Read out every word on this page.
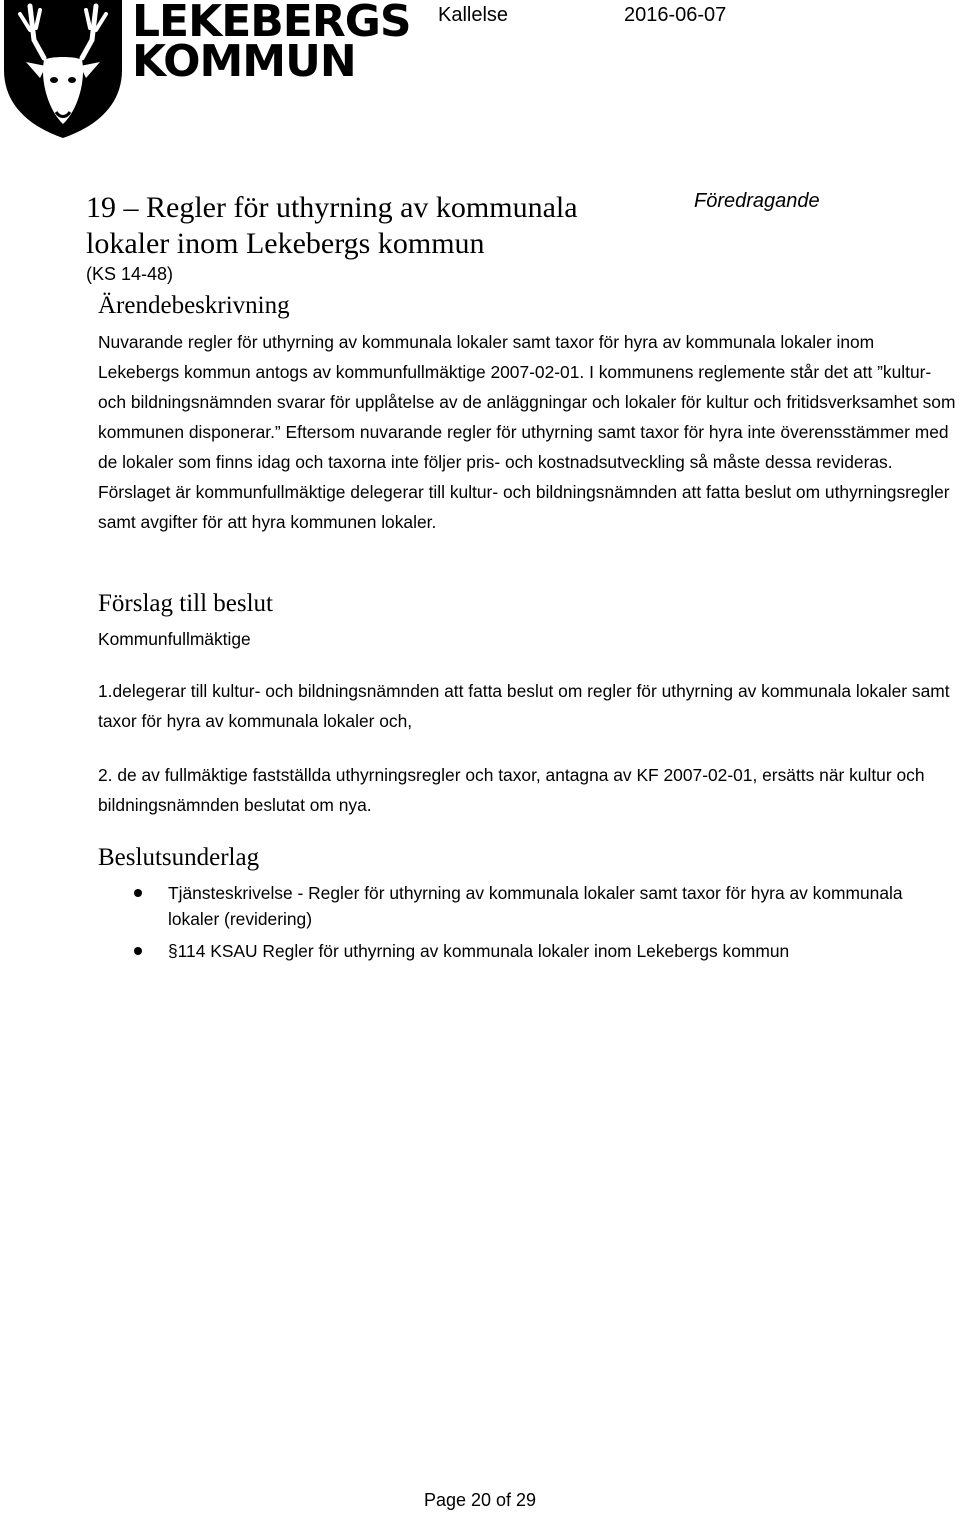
LEKEBERGS
KOMMUN
Kallelse	2016-06-07
19 – Regler för uthyrning av kommunala lokaler inom Lekebergs kommun
(KS 14-48)
Föredragande
Ärendebeskrivning
Nuvarande regler för uthyrning av kommunala lokaler samt taxor för hyra av kommunala lokaler inom Lekebergs kommun antogs av kommunfullmäktige 2007-02-01. I kommunens reglemente står det att ”kultur- och bildningsnämnden svarar för upplåtelse av de anläggningar och lokaler för kultur och fritidsverksamhet som kommunen disponerar.” Eftersom nuvarande regler för uthyrning samt taxor för hyra inte överensstämmer med de lokaler som finns idag och taxorna inte följer pris- och kostnadsutveckling så måste dessa revideras. Förslaget är kommunfullmäktige delegerar till kultur- och bildningsnämnden att fatta beslut om uthyrningsregler samt avgifter för att hyra kommunen lokaler.
Förslag till beslut
Kommunfullmäktige
1.delegerar till kultur- och bildningsnämnden att fatta beslut om regler för uthyrning av kommunala lokaler samt taxor för hyra av kommunala lokaler och,
2. de av fullmäktige fastställda uthyrningsregler och taxor, antagna av KF 2007-02-01, ersätts när kultur och bildningsnämnden beslutat om nya.
Beslutsunderlag
Tjänsteskrivelse - Regler för uthyrning av kommunala lokaler samt taxor för hyra av kommunala lokaler (revidering)
§114 KSAU Regler för uthyrning av kommunala lokaler inom Lekebergs kommun
Page 20 of 29
